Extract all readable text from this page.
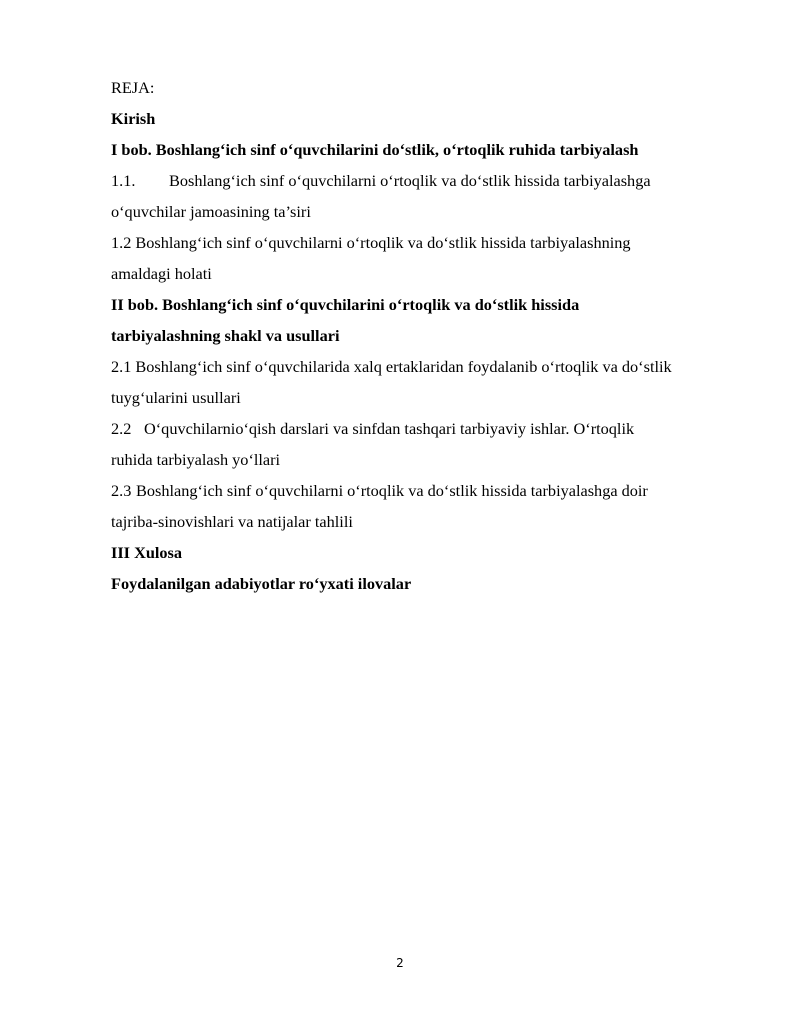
REJA:

Kirish

I bob. Boshlang‘ich sinf o‘quvchilarini do‘stlik, o‘rtoqlik ruhida tarbiyalash

1.1. Boshlang‘ich sinf o‘quvchilarni o‘rtoqlik va do‘stlik hissida tarbiyalashga

o‘quvchilar jamoasining ta’siri

1.2 Boshlang‘ich sinf o‘quvchilarni o‘rtoqlik va do‘stlik hissida tarbiyalashning

amaldagi holati

II bob. Boshlang‘ich sinf o‘quvchilarini o‘rtoqlik va do‘stlik hissida

tarbiyalashning shakl va usullari

2.1 Boshlang‘ich sinf o‘quvchilarida xalq ertaklaridan foydalanib o‘rtoqlik va do‘stlik

tuyg‘ularini usullari

2.2 O‘quvchilarnio‘qish darslari va sinfdan tashqari tarbiyaviy ishlar. O‘rtoqlik

ruhida tarbiyalash yo‘llari

2.3 Boshlang‘ich sinf o‘quvchilarni o‘rtoqlik va do‘stlik hissida tarbiyalashga doir

tajriba-sinovishlari va natijalar tahlili

III Xulosa

Foydalanilgan adabiyotlar ro‘yxati ilovalar

2
